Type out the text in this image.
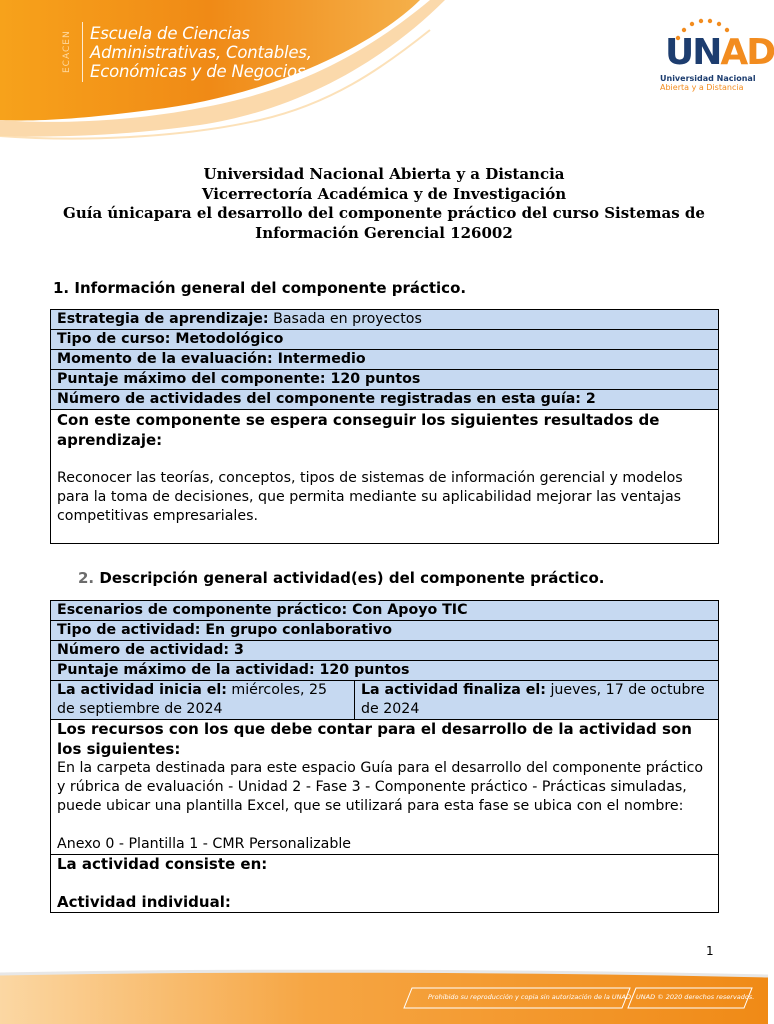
ECACEN	Escuela de Ciencias
Administrativas, Contables,
Económicas y de Negocios	UNAD
Universidad Nacional
Abierta y a Distancia
Universidad Nacional Abierta y a Distancia
Vicerrectoría Académica y de Investigación
Guía únicapara el desarrollo del componente práctico del curso Sistemas de
Información Gerencial 126002
1. Información general del componente práctico.
Estrategia de aprendizaje: Basada en proyectos
Tipo de curso: Metodológico
Momento de la evaluación: Intermedio
Puntaje máximo del componente: 120 puntos
Número de actividades del componente registradas en esta guía: 2
Con este componente se espera conseguir los siguientes resultados de aprendizaje:
Reconocer las teorías, conceptos, tipos de sistemas de información gerencial y modelos para la toma de decisiones, que permita mediante su aplicabilidad mejorar las ventajas competitivas empresariales.
2. Descripción general actividad(es) del componente práctico.
Escenarios de componente práctico: Con Apoyo TIC
Tipo de actividad: En grupo conlaborativo
Número de actividad: 3
Puntaje máximo de la actividad: 120 puntos
La actividad inicia el: miércoles, 25 de septiembre de 2024
La actividad finaliza el: jueves, 17 de octubre de 2024
Los recursos con los que debe contar para el desarrollo de la actividad son los siguientes:
En la carpeta destinada para este espacio Guía para el desarrollo del componente práctico y rúbrica de evaluación - Unidad 2 - Fase 3 - Componente práctico - Prácticas simuladas, puede ubicar una plantilla Excel, que se utilizará para esta fase se ubica con el nombre:
Anexo 0 - Plantilla 1 - CMR Personalizable
La actividad consiste en:
Actividad individual:
1
Prohibido su reproducción y copia sin autorización de la UNAD. UNAD © 2020 derechos reservados.
